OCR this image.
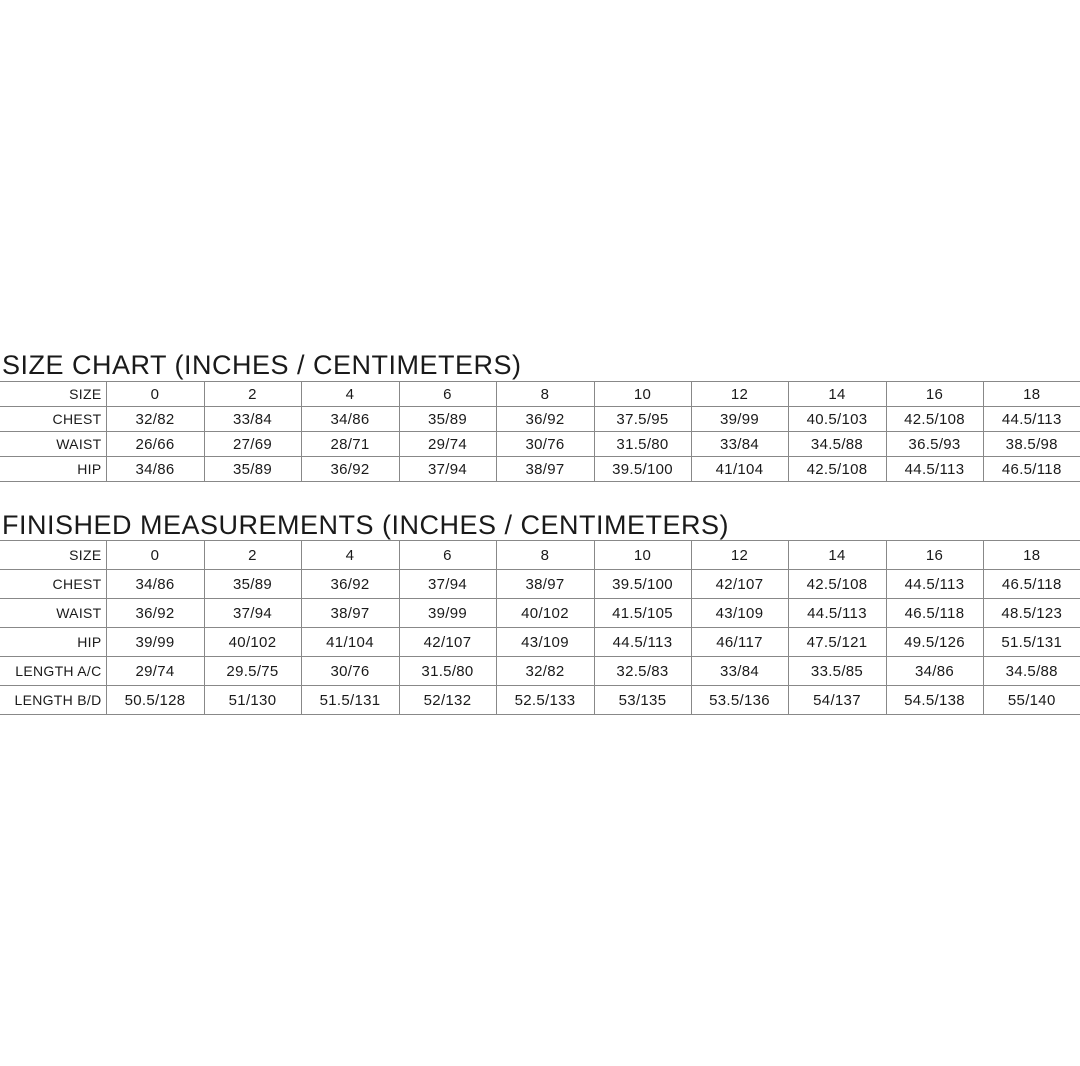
SIZE CHART (INCHES / CENTIMETERS)
SIZE	0	2	4	6	8	10	12	14	16	18
CHEST	32/82	33/84	34/86	35/89	36/92	37.5/95	39/99	40.5/103	42.5/108	44.5/113
WAIST	26/66	27/69	28/71	29/74	30/76	31.5/80	33/84	34.5/88	36.5/93	38.5/98
HIP	34/86	35/89	36/92	37/94	38/97	39.5/100	41/104	42.5/108	44.5/113	46.5/118
FINISHED MEASUREMENTS (INCHES / CENTIMETERS)
SIZE	0	2	4	6	8	10	12	14	16	18
CHEST	34/86	35/89	36/92	37/94	38/97	39.5/100	42/107	42.5/108	44.5/113	46.5/118
WAIST	36/92	37/94	38/97	39/99	40/102	41.5/105	43/109	44.5/113	46.5/118	48.5/123
HIP	39/99	40/102	41/104	42/107	43/109	44.5/113	46/117	47.5/121	49.5/126	51.5/131
LENGTH A/C	29/74	29.5/75	30/76	31.5/80	32/82	32.5/83	33/84	33.5/85	34/86	34.5/88
LENGTH B/D	50.5/128	51/130	51.5/131	52/132	52.5/133	53/135	53.5/136	54/137	54.5/138	55/140
